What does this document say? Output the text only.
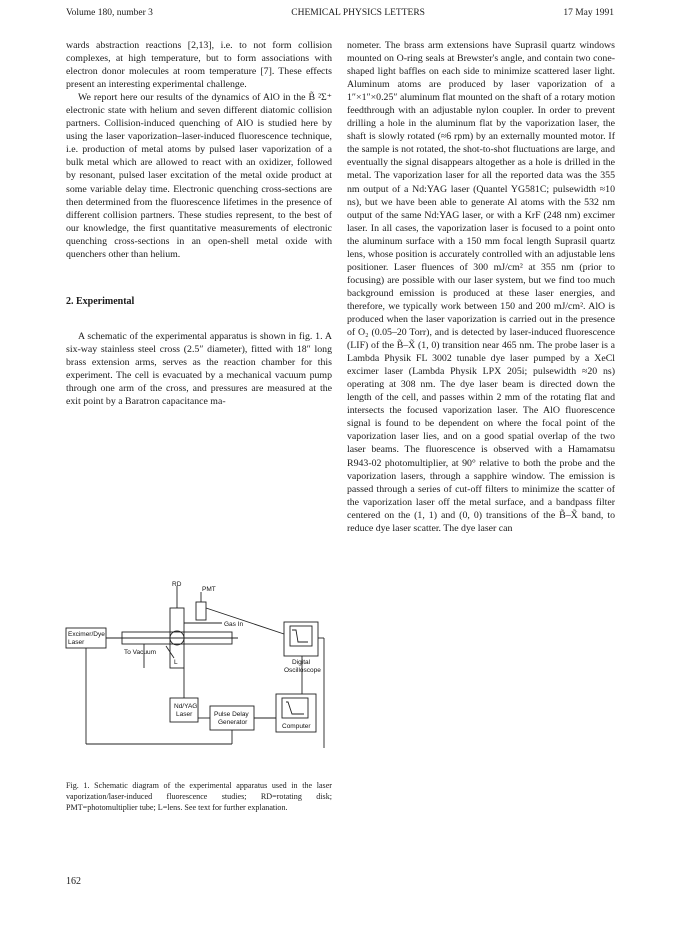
Volume 180, number 3	CHEMICAL PHYSICS LETTERS	17 May 1991

wards abstraction reactions [2,13], i.e. to not form collision complexes, at high temperature, but to form associations with electron donor molecules at room temperature [7]. These effects present an interesting experimental challenge.

We report here our results of the dynamics of AlO in the B̃ ²Σ⁺ electronic state with helium and seven different diatomic collision partners. Collision-induced quenching of AlO is studied here by using the laser vaporization–laser-induced fluorescence technique, i.e. production of metal atoms by pulsed laser vaporization of a bulk metal which are allowed to react with an oxidizer, followed by resonant, pulsed laser excitation of the metal oxide product at some variable delay time. Electronic quenching cross-sections are then determined from the fluorescence lifetimes in the presence of different collision partners. These studies represent, to the best of our knowledge, the first quantitative measurements of electronic quenching cross-sections in an open-shell metal oxide with quenchers other than helium.

2. Experimental

A schematic of the experimental apparatus is shown in fig. 1. A six-way stainless steel cross (2.5″ diameter), fitted with 18″ long brass extension arms, serves as the reaction chamber for this experiment. The cell is evacuated by a mechanical vacuum pump through one arm of the cross, and pressures are measured at the exit point by a Baratron capacitance ma-

RD
PMT
Gas In
Excimer/Dye
Laser
To Vacuum
L	Digital
Oscilloscope
Nd/YAG
Laser	Pulse Delay
Generator
Computer
Fig. 1. Schematic diagram of the experimental apparatus used in the laser vaporization/laser-induced fluorescence studies; RD=rotating disk; PMT=photomultiplier tube; L=lens. See text for further explanation.

nometer. The brass arm extensions have Suprasil quartz windows mounted on O-ring seals at Brewster's angle, and contain two cone-shaped light baffles on each side to minimize scattered laser light. Aluminum atoms are produced by laser vaporization of a 1″×1″×0.25″ aluminum flat mounted on the shaft of a rotary motion feedthrough with an adjustable nylon coupler. In order to prevent drilling a hole in the aluminum flat by the vaporization laser, the shaft is slowly rotated (≈6 rpm) by an externally mounted motor. If the sample is not rotated, the shot-to-shot fluctuations are large, and eventually the signal disappears altogether as a hole is drilled in the metal. The vaporization laser for all the reported data was the 355 nm output of a Nd:YAG laser (Quantel YG581C; pulsewidth ≈10 ns), but we have been able to generate Al atoms with the 532 nm output of the same Nd:YAG laser, or with a KrF (248 nm) excimer laser. In all cases, the vaporization laser is focused to a point onto the aluminum surface with a 150 mm focal length Suprasil quartz lens, whose position is accurately controlled with an adjustable lens positioner. Laser fluences of 300 mJ/cm² at 355 nm (prior to focusing) are possible with our laser system, but we find too much background emission is produced at these laser energies, and therefore, we typically work between 150 and 200 mJ/cm². AlO is produced when the laser vaporization is carried out in the presence of O₂ (0.05–20 Torr), and is detected by laser-induced fluorescence (LIF) of the B̃–X̃ (1, 0) transition near 465 nm. The probe laser is a Lambda Physik FL 3002 tunable dye laser pumped by a XeCl excimer laser (Lambda Physik LPX 205i; pulsewidth ≈20 ns) operating at 308 nm. The dye laser beam is directed down the length of the cell, and passes within 2 mm of the rotating flat and intersects the focused vaporization laser. The AlO fluorescence signal is found to be dependent on where the focal point of the vaporization laser lies, and on a good spatial overlap of the two laser beams. The fluorescence is observed with a Hamamatsu R943-02 photomultiplier, at 90° relative to both the probe and the vaporization lasers, through a sapphire window. The emission is passed through a series of cut-off filters to minimize the scatter of the vaporization laser off the metal surface, and a bandpass filter centered on the (1, 1) and (0, 0) transitions of the B̃–X̃ band, to reduce dye laser scatter. The dye laser can

162
